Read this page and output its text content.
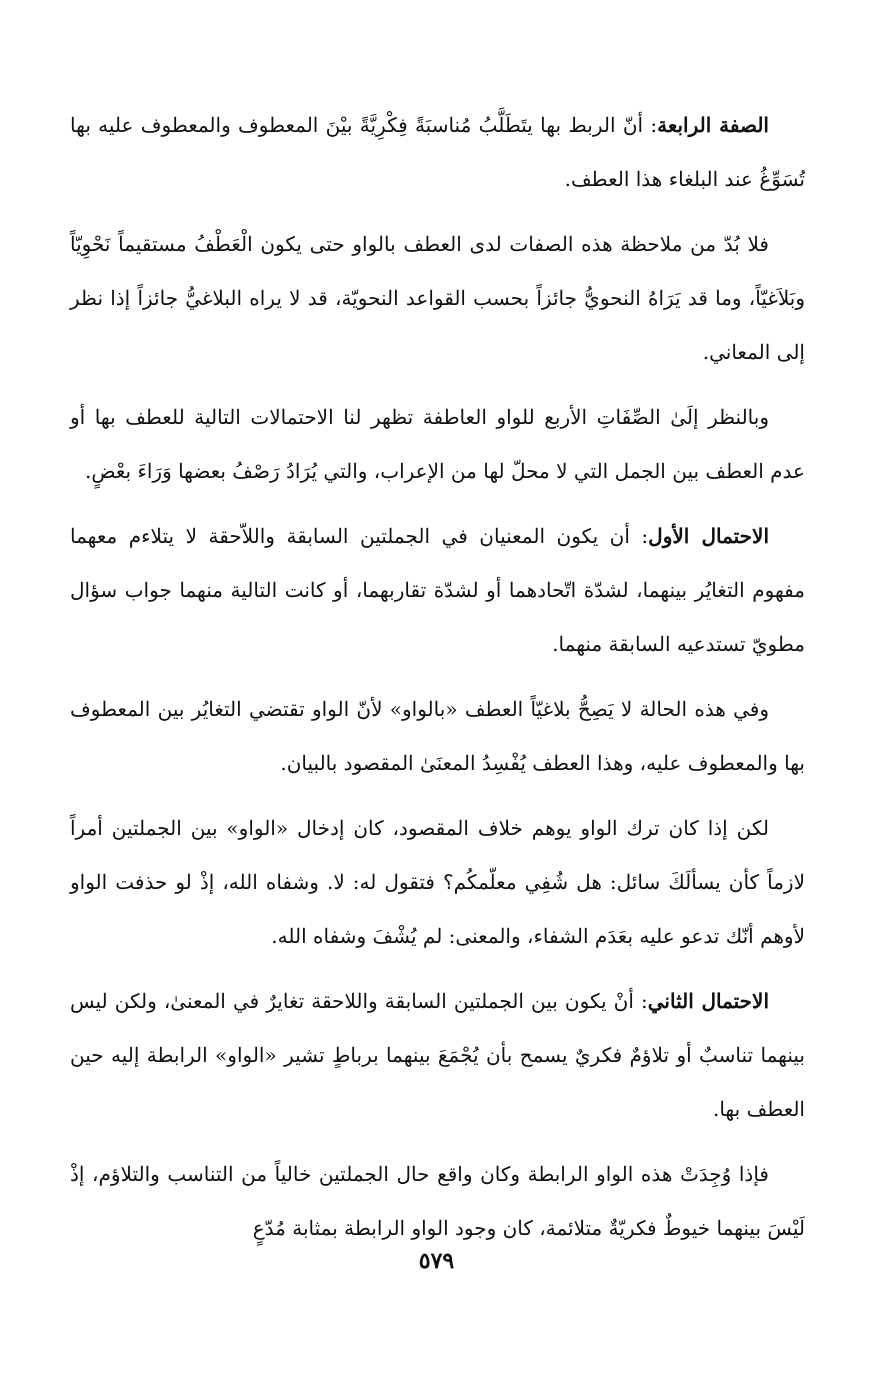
الصفة الرابعة: أنّ الربط بها يتَطَلَّبُ مُناسبَةً فِكْرِيَّةً بيْنَ المعطوف والمعطوف عليه بها تُسَوِّغُ عند البلغاء هذا العطف.

فلا بُدّ من ملاحظة هذه الصفات لدى العطف بالواو حتى يكون الْعَطْفُ مستقيماً نَحْوِيّاً وبَلاَغيّاً، وما قد يَرَاهُ النحويُّ جائزاً بحسب القواعد النحويّة، قد لا يراه البلاغيُّ جائزاً إذا نظر إلى المعاني.

وبالنظر إلَىٰ الصِّفَاتِ الأربع للواو العاطفة تظهر لنا الاحتمالات التالية للعطف بها أو عدم العطف بين الجمل التي لا محلّ لها من الإعراب، والتي يُرَادُ رَصْفُ بعضها وَرَاءَ بعْضٍ.

الاحتمال الأول: أن يكون المعنيان في الجملتين السابقة واللاّحقة لا يتلاءم معهما مفهوم التغايُر بينهما، لشدّة اتّحادهما أو لشدّة تقاربهما، أو كانت التالية منهما جواب سؤال مطويّ تستدعيه السابقة منهما.

وفي هذه الحالة لا يَصِحُّ بلاغيّاً العطف «بالواو» لأنّ الواو تقتضي التغايُر بين المعطوف بها والمعطوف عليه، وهذا العطف يُفْسِدُ المعنَىٰ المقصود بالبيان.

لكن إذا كان ترك الواو يوهم خلاف المقصود، كان إدخال «الواو» بين الجملتين أمراً لازماً كأن يسألَكَ سائل: هل شُفِي معلّمكُم؟ فتقول له: لا. وشفاه الله، إذْ لو حذفت الواو لأوهم أنّك تدعو عليه بعَدَم الشفاء، والمعنى: لم يُشْفَ وشفاه الله.

الاحتمال الثاني: أنْ يكون بين الجملتين السابقة واللاحقة تغايرٌ في المعنىٰ، ولكن ليس بينهما تناسبٌ أو تلاؤمٌ فكريٌ يسمح بأن يُجْمَعَ بينهما برباطٍ تشير «الواو» الرابطة إليه حين العطف بها.

فإذا وُجِدَتْ هذه الواو الرابطة وكان واقع حال الجملتين خالياً من التناسب والتلاؤم، إذْ لَيْسَ بينهما خيوطٌ فكريّةٌ متلائمة، كان وجود الواو الرابطة بمثابة مُدّعٍ

٥٧٩
